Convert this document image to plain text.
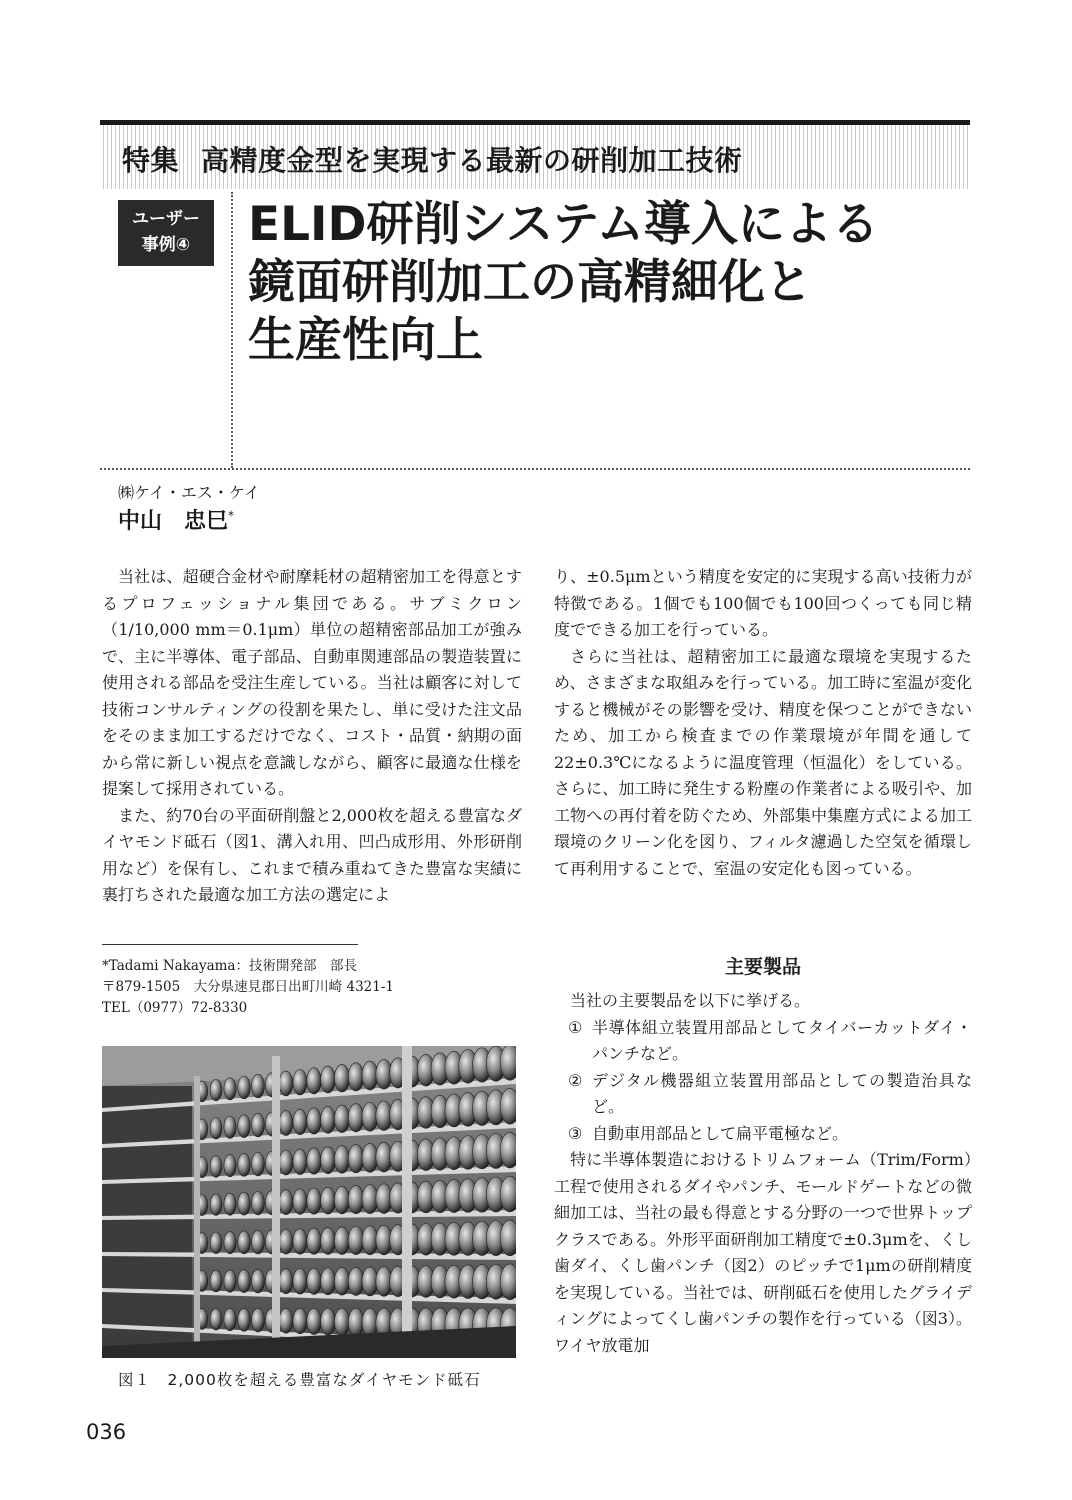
特集 高精度金型を実現する最新の研削加工技術
ユーザー
事例④	ELID研削システム導入による
鏡面研削加工の高精細化と
生産性向上
㈱ケイ・エス・ケイ
中山　忠巳*

当社は、超硬合金材や耐摩耗材の超精密加工を得意とするプロフェッショナル集団である。サブミクロン（1/10,000 mm＝0.1μm）単位の超精密部品加工が強みで、主に半導体、電子部品、自動車関連部品の製造装置に使用される部品を受注生産している。当社は顧客に対して技術コンサルティングの役割を果たし、単に受けた注文品をそのまま加工するだけでなく、コスト・品質・納期の面から常に新しい視点を意識しながら、顧客に最適な仕様を提案して採用されている。

また、約70台の平面研削盤と2,000枚を超える豊富なダイヤモンド砥石（図1、溝入れ用、凹凸成形用、外形研削用など）を保有し、これまで積み重ねてきた豊富な実績に裏打ちされた最適な加工方法の選定によ

*Tadami Nakayama：技術開発部　部長
〒879-1505　大分県速見郡日出町川崎 4321-1
TEL（0977）72-8330
図１　2,000枚を超える豊富なダイヤモンド砥石

り、±0.5μmという精度を安定的に実現する高い技術力が特徴である。1個でも100個でも100回つくっても同じ精度でできる加工を行っている。

さらに当社は、超精密加工に最適な環境を実現するため、さまざまな取組みを行っている。加工時に室温が変化すると機械がその影響を受け、精度を保つことができないため、加工から検査までの作業環境が年間を通して22±0.3℃になるように温度管理（恒温化）をしている。さらに、加工時に発生する粉塵の作業者による吸引や、加工物への再付着を防ぐため、外部集中集塵方式による加工環境のクリーン化を図り、フィルタ濾過した空気を循環して再利用することで、室温の安定化も図っている。

主要製品

当社の主要製品を以下に挙げる。

① 半導体組立装置用部品としてタイバーカットダイ・パンチなど。

② デジタル機器組立装置用部品としての製造治具など。

③ 自動車用部品として扁平電極など。

特に半導体製造におけるトリムフォーム（Trim/Form）工程で使用されるダイやパンチ、モールドゲートなどの微細加工は、当社の最も得意とする分野の一つで世界トップクラスである。外形平面研削加工精度で±0.3μmを、くし歯ダイ、くし歯パンチ（図2）のピッチで1μmの研削精度を実現している。当社では、研削砥石を使用したグライディングによってくし歯パンチの製作を行っている（図3）。ワイヤ放電加

036
